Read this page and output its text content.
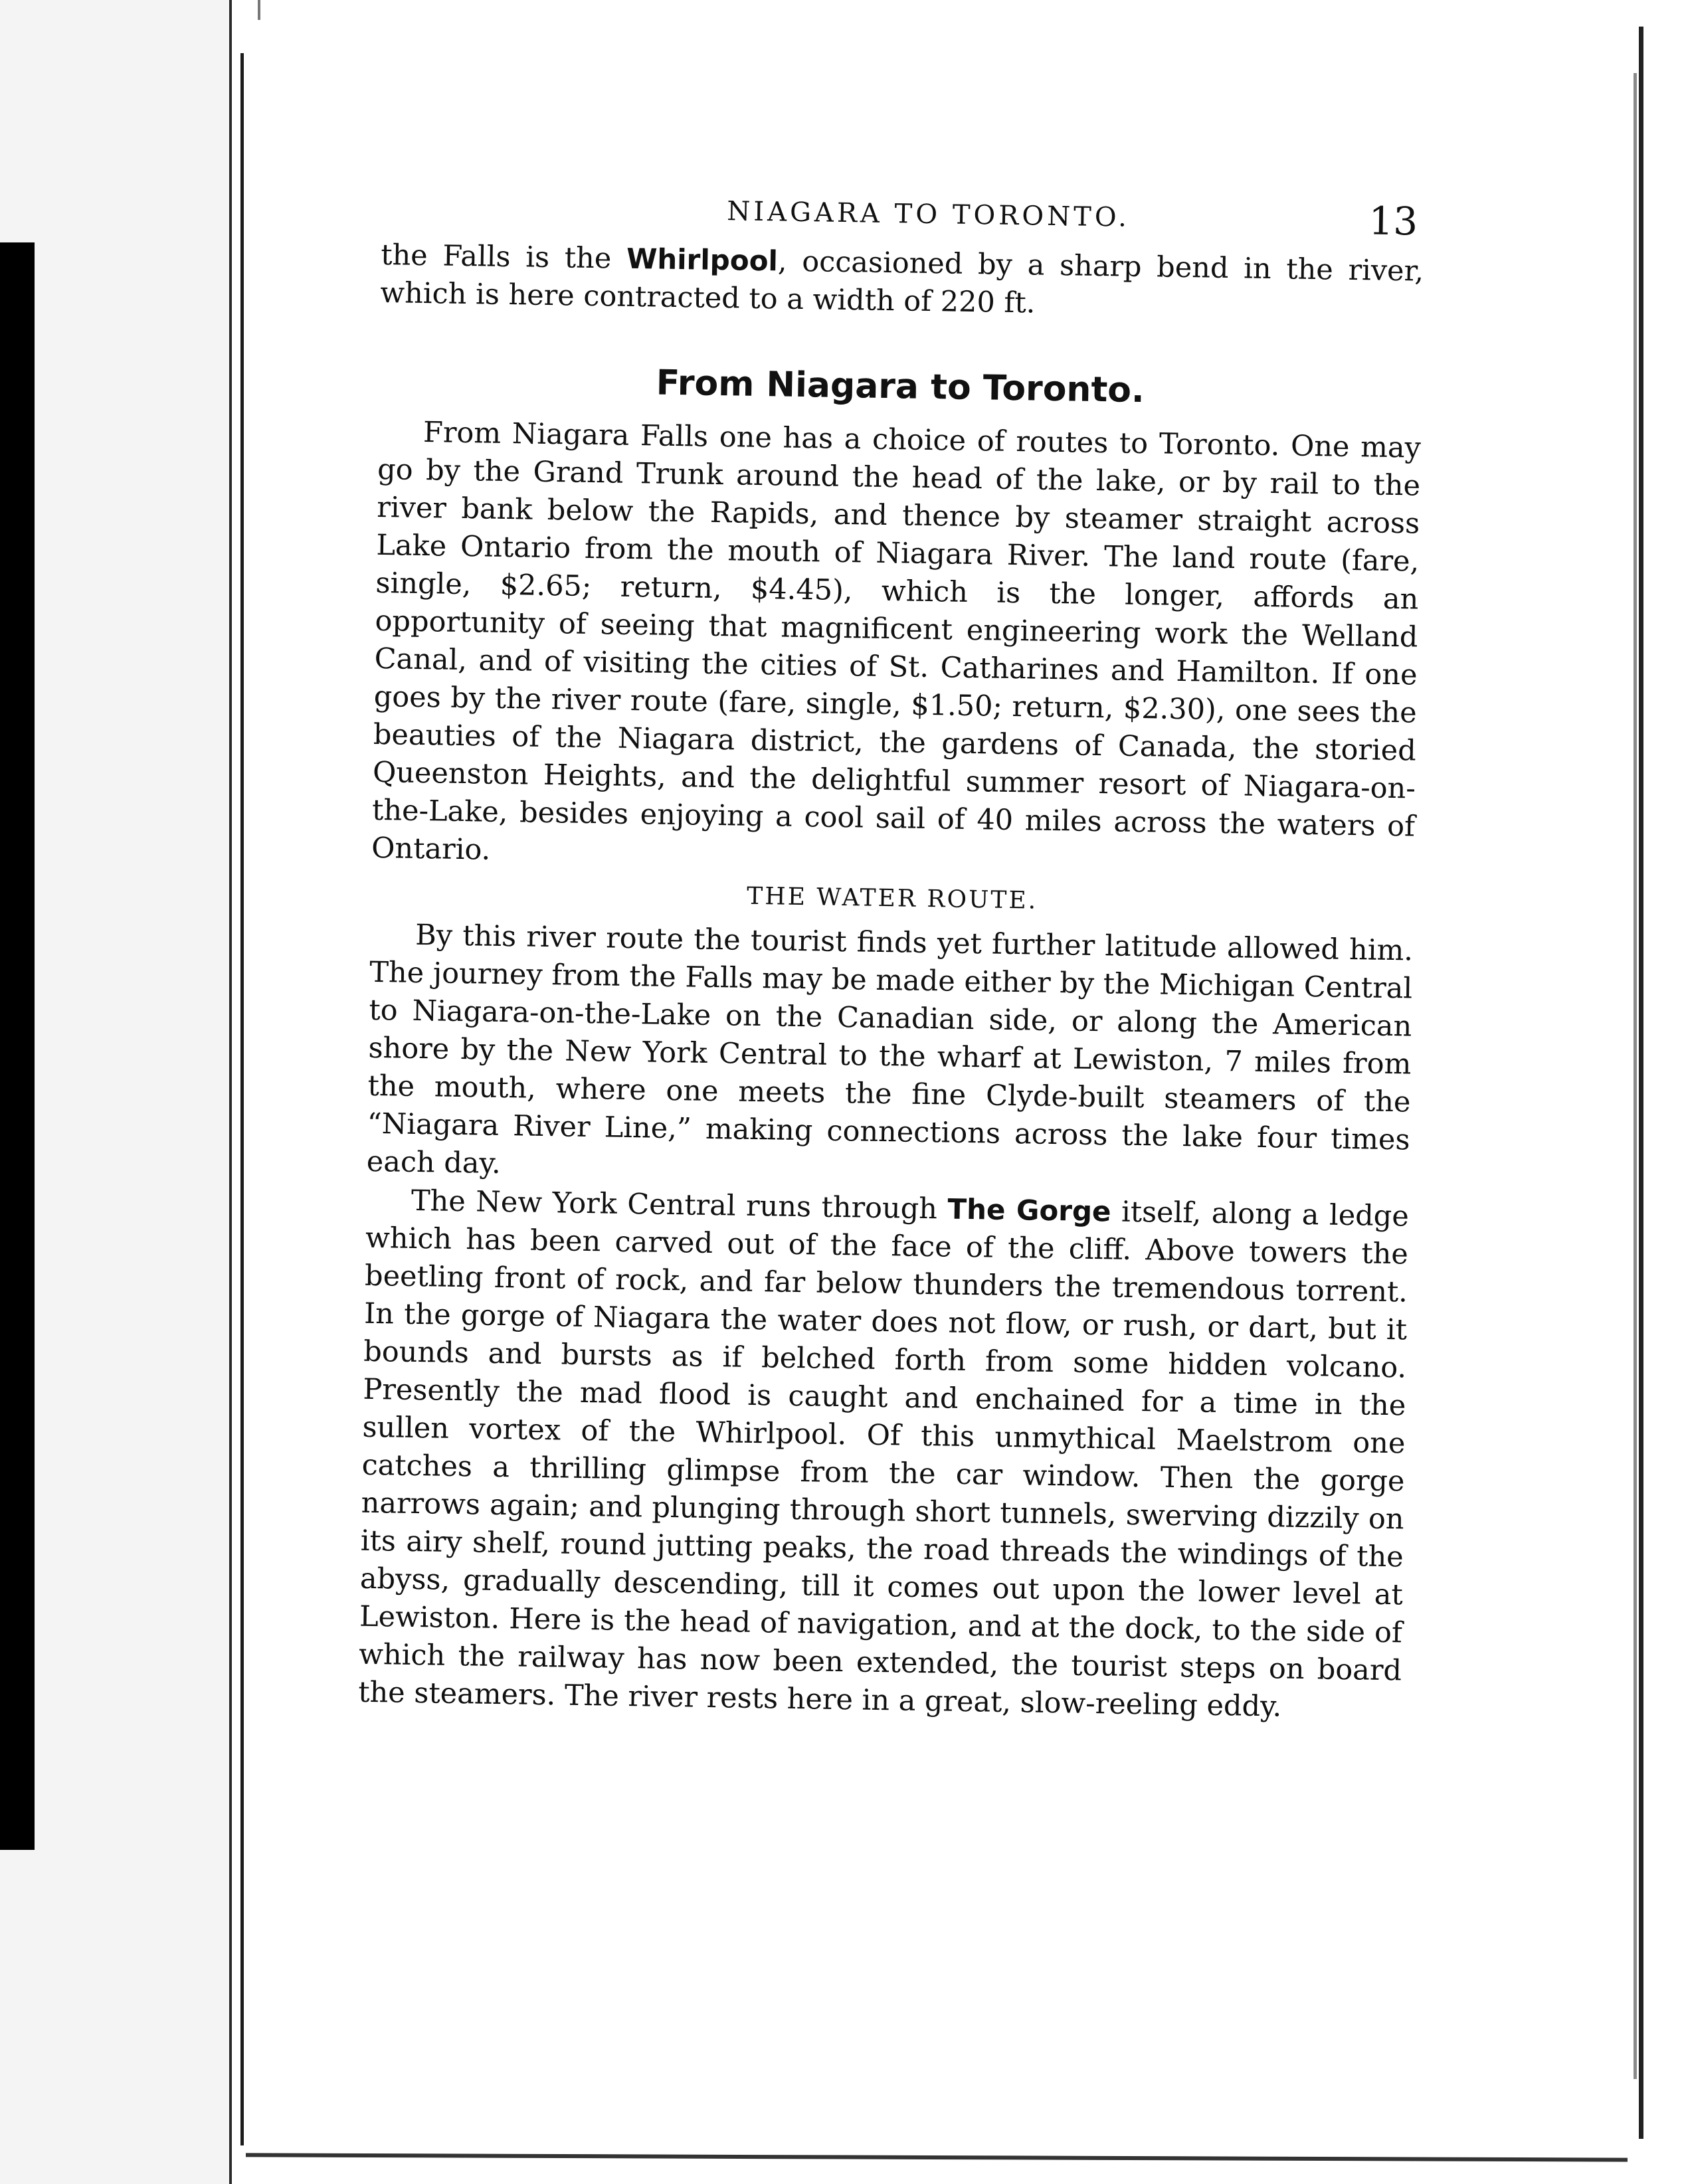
NIAGARA TO TORONTO.	13

the Falls is the Whirlpool, occasioned by a sharp bend in the river, which is here contracted to a width of 220 ft.

From Niagara to Toronto.

From Niagara Falls one has a choice of routes to Toronto. One may go by the Grand Trunk around the head of the lake, or by rail to the river bank below the Rapids, and thence by steamer straight across Lake Ontario from the mouth of Niagara River. The land route (fare, single, $2.65; return, $4.45), which is the longer, affords an opportunity of seeing that magnificent engineering work the Welland Canal, and of visiting the cities of St. Catharines and Hamilton. If one goes by the river route (fare, single, $1.50; return, $2.30), one sees the beauties of the Niagara district, the gardens of Canada, the storied Queenston Heights, and the delightful summer resort of Niagara-on-the-Lake, besides enjoying a cool sail of 40 miles across the waters of Ontario.

THE WATER ROUTE.

By this river route the tourist finds yet further latitude allowed him. The journey from the Falls may be made either by the Michigan Central to Niagara-on-the-Lake on the Canadian side, or along the American shore by the New York Central to the wharf at Lewiston, 7 miles from the mouth, where one meets the fine Clyde-built steamers of the “Niagara River Line,” making connections across the lake four times each day.

The New York Central runs through The Gorge itself, along a ledge which has been carved out of the face of the cliff. Above towers the beetling front of rock, and far below thunders the tremendous torrent. In the gorge of Niagara the water does not flow, or rush, or dart, but it bounds and bursts as if belched forth from some hidden volcano. Presently the mad flood is caught and enchained for a time in the sullen vortex of the Whirlpool. Of this unmythical Maelstrom one catches a thrilling glimpse from the car window. Then the gorge narrows again; and plunging through short tunnels, swerving dizzily on its airy shelf, round jutting peaks, the road threads the windings of the abyss, gradually descending, till it comes out upon the lower level at Lewiston. Here is the head of navigation, and at the dock, to the side of which the railway has now been extended, the tourist steps on board the steamers. The river rests here in a great, slow-reeling eddy.
